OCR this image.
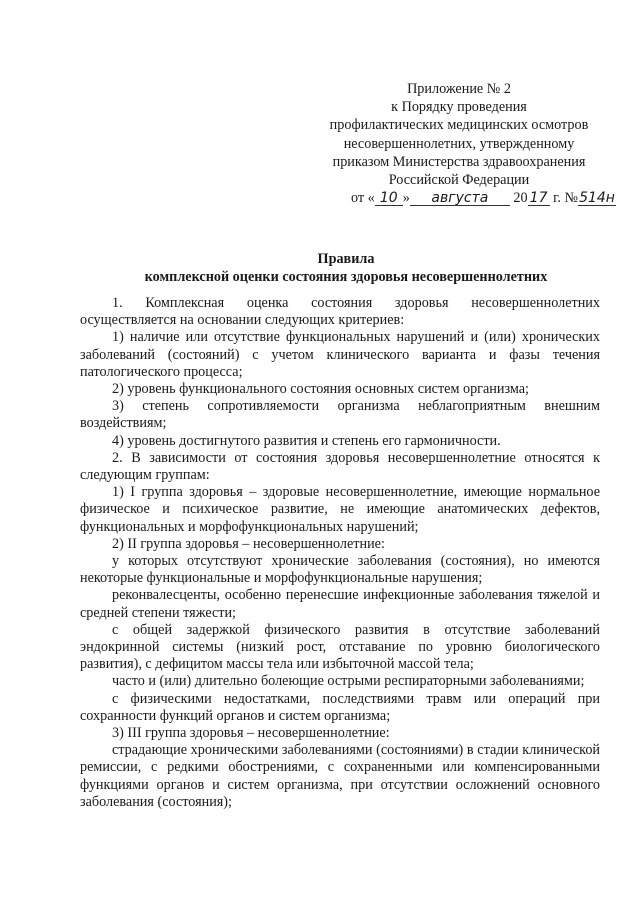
Приложение № 2
к Порядку проведения
профилактических медицинских осмотров
несовершеннолетних, утвержденному
приказом Министерства здравоохранения
Российской Федерации
от « 10 » августа 20 17 г. №514н
Правила
комплексной оценки состояния здоровья несовершеннолетних

1. Комплексная оценка состояния здоровья несовершеннолетних осуществляется на основании следующих критериев:

1) наличие или отсутствие функциональных нарушений и (или) хронических заболеваний (состояний) с учетом клинического варианта и фазы течения патологического процесса;

2) уровень функционального состояния основных систем организма;

3) степень сопротивляемости организма неблагоприятным внешним воздействиям;

4) уровень достигнутого развития и степень его гармоничности.

2. В зависимости от состояния здоровья несовершеннолетние относятся к следующим группам:

1) I группа здоровья – здоровые несовершеннолетние, имеющие нормальное физическое и психическое развитие, не имеющие анатомических дефектов, функциональных и морфофункциональных нарушений;

2) II группа здоровья – несовершеннолетние:

у которых отсутствуют хронические заболевания (состояния), но имеются некоторые функциональные и морфофункциональные нарушения;

реконвалесценты, особенно перенесшие инфекционные заболевания тяжелой и средней степени тяжести;

с общей задержкой физического развития в отсутствие заболеваний эндокринной системы (низкий рост, отставание по уровню биологического развития), с дефицитом массы тела или избыточной массой тела;

часто и (или) длительно болеющие острыми респираторными заболеваниями;

с физическими недостатками, последствиями травм или операций при сохранности функций органов и систем организма;

3) III группа здоровья – несовершеннолетние:

страдающие хроническими заболеваниями (состояниями) в стадии клинической ремиссии, с редкими обострениями, с сохраненными или компенсированными функциями органов и систем организма, при отсутствии осложнений основного заболевания (состояния);
